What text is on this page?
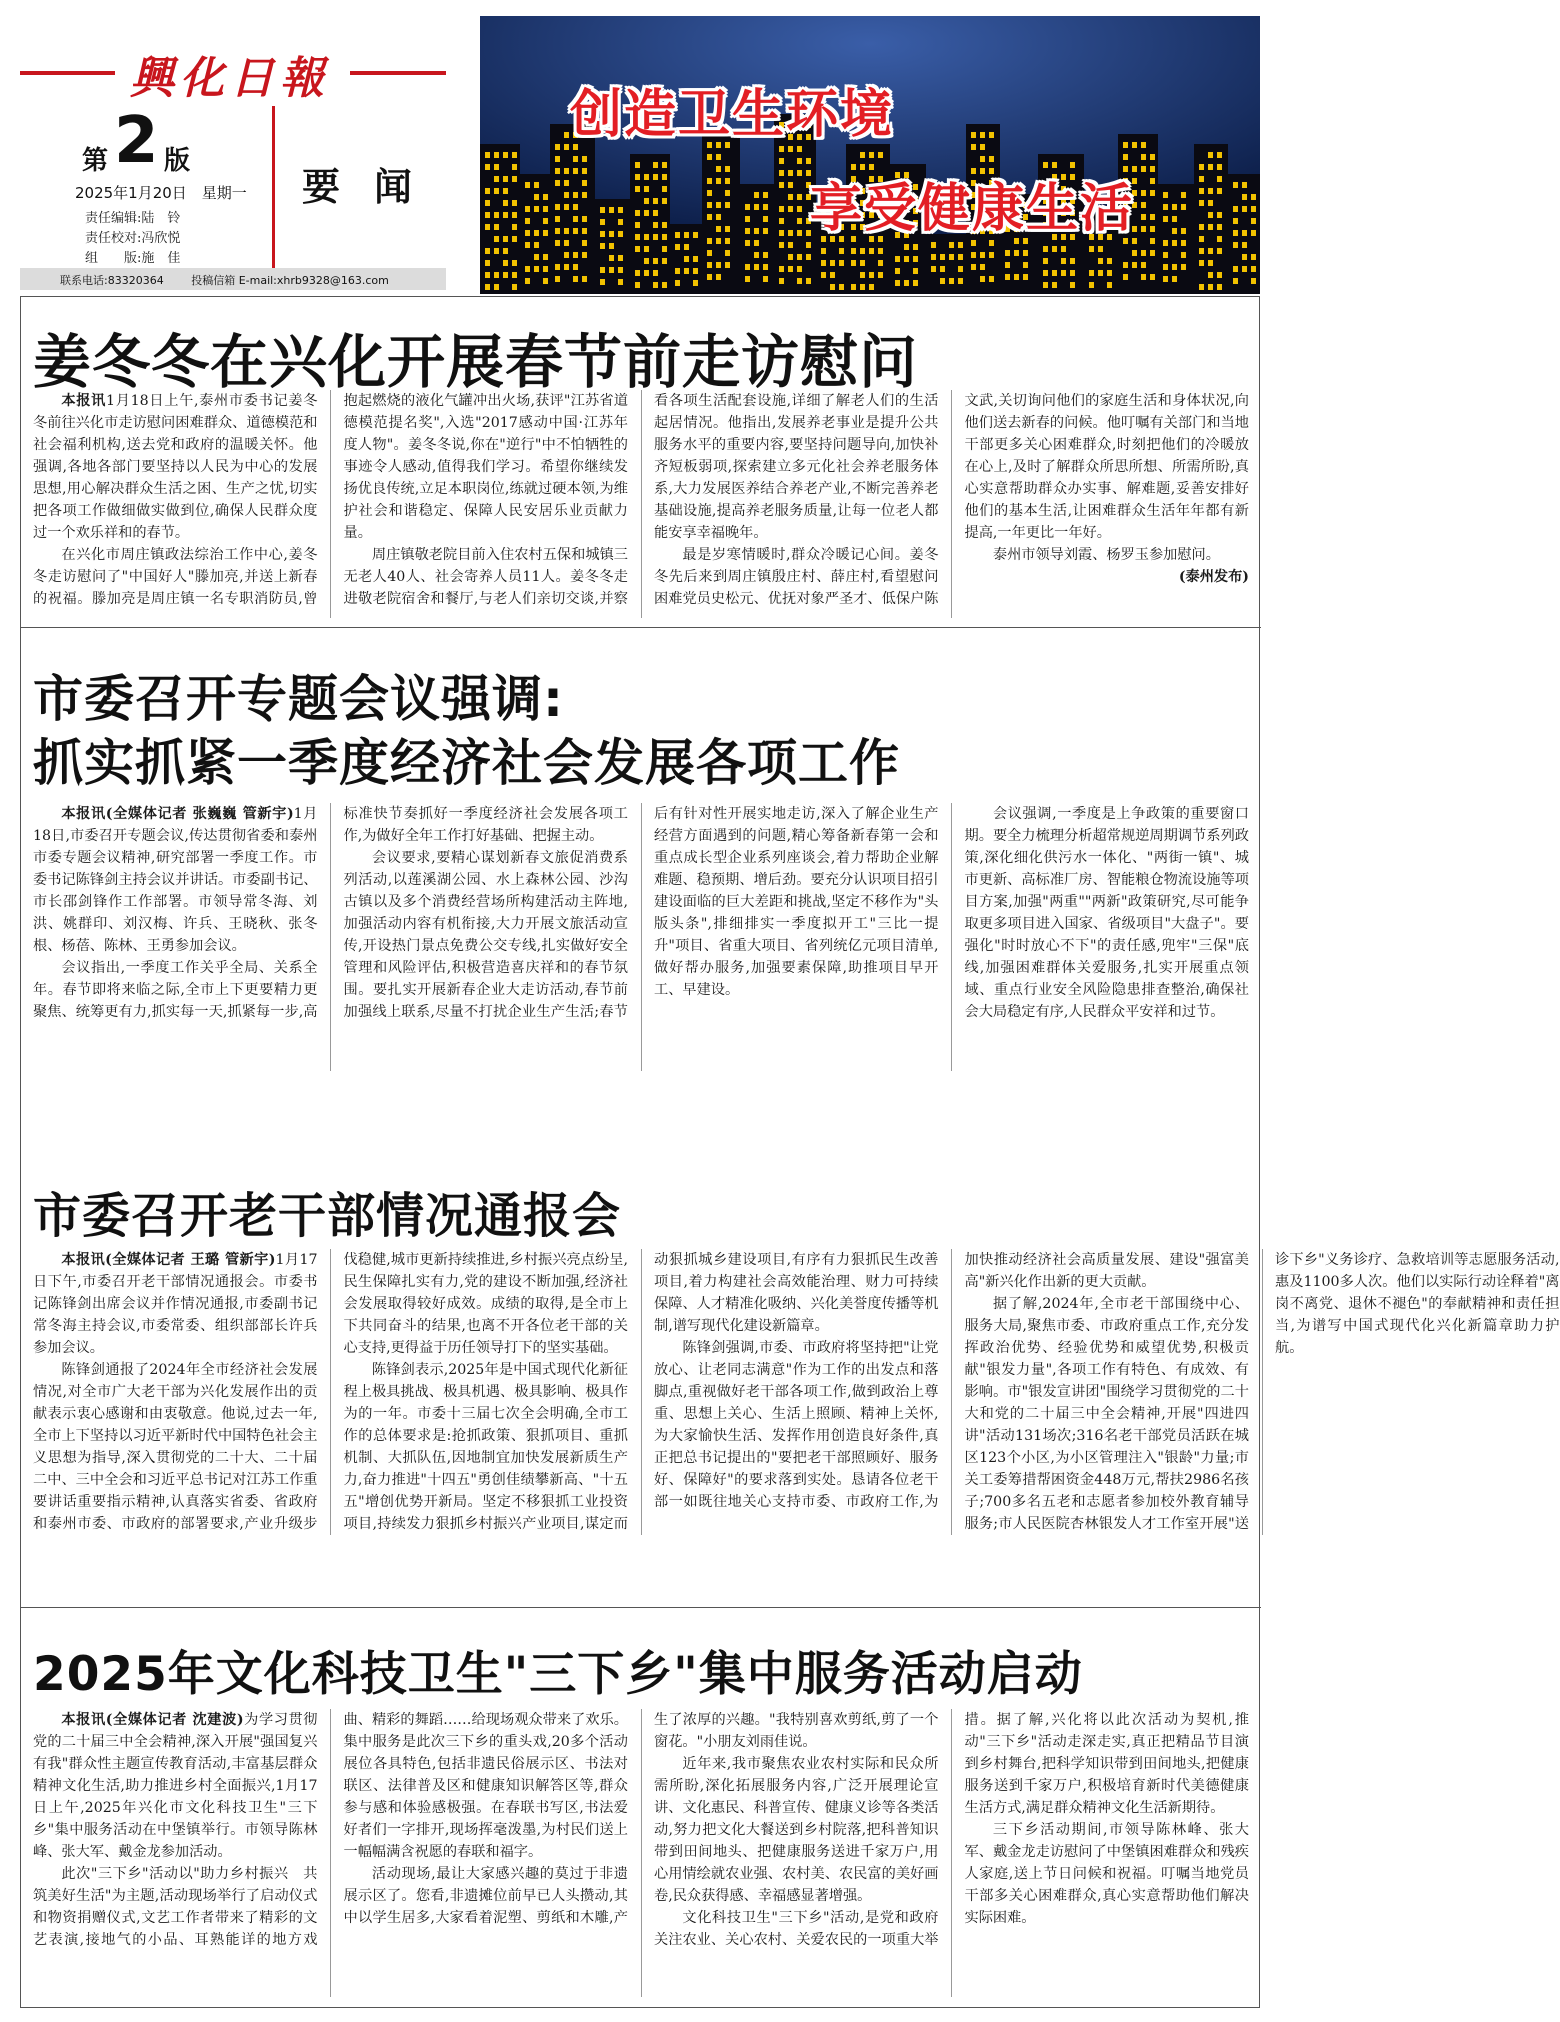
興化日報
第 2 版
2025年1月20日　星期一
责任编辑:陆　铃
责任校对:冯欣悦
组　　版:施　佳
要闻
联系电话:83320364	投稿信箱 E-mail:xhrb9328@163.com
创造卫生环境
享受健康生活
姜冬冬在兴化开展春节前走访慰问

本报讯1月18日上午,泰州市委书记姜冬冬前往兴化市走访慰问困难群众、道德模范和社会福利机构,送去党和政府的温暖关怀。他强调,各地各部门要坚持以人民为中心的发展思想,用心解决群众生活之困、生产之忧,切实把各项工作做细做实做到位,确保人民群众度过一个欢乐祥和的春节。

在兴化市周庄镇政法综治工作中心,姜冬冬走访慰问了"中国好人"滕加亮,并送上新春的祝福。滕加亮是周庄镇一名专职消防员,曾抱起燃烧的液化气罐冲出火场,获评"江苏省道德模范提名奖",入选"2017感动中国·江苏年度人物"。姜冬冬说,你在"逆行"中不怕牺牲的事迹令人感动,值得我们学习。希望你继续发扬优良传统,立足本职岗位,练就过硬本领,为维护社会和谐稳定、保障人民安居乐业贡献力量。

周庄镇敬老院目前入住农村五保和城镇三无老人40人、社会寄养人员11人。姜冬冬走进敬老院宿舍和餐厅,与老人们亲切交谈,并察看各项生活配套设施,详细了解老人们的生活起居情况。他指出,发展养老事业是提升公共服务水平的重要内容,要坚持问题导向,加快补齐短板弱项,探索建立多元化社会养老服务体系,大力发展医养结合养老产业,不断完善养老基础设施,提高养老服务质量,让每一位老人都能安享幸福晚年。

最是岁寒情暖时,群众冷暖记心间。姜冬冬先后来到周庄镇殷庄村、薛庄村,看望慰问困难党员史松元、优抚对象严圣才、低保户陈文武,关切询问他们的家庭生活和身体状况,向他们送去新春的问候。他叮嘱有关部门和当地干部更多关心困难群众,时刻把他们的冷暖放在心上,及时了解群众所思所想、所需所盼,真心实意帮助群众办实事、解难题,妥善安排好他们的基本生活,让困难群众生活年年都有新提高,一年更比一年好。

泰州市领导刘霞、杨罗玉参加慰问。

(泰州发布)
市委召开专题会议强调:
抓实抓紧一季度经济社会发展各项工作

本报讯(全媒体记者 张巍巍 管新宇)1月18日,市委召开专题会议,传达贯彻省委和泰州市委专题会议精神,研究部署一季度工作。市委书记陈锋剑主持会议并讲话。市委副书记、市长邵剑锋作工作部署。市领导常冬海、刘洪、姚群印、刘汉梅、许兵、王晓秋、张冬根、杨蓓、陈林、王勇参加会议。

会议指出,一季度工作关乎全局、关系全年。春节即将来临之际,全市上下更要精力更聚焦、统筹更有力,抓实每一天,抓紧每一步,高标准快节奏抓好一季度经济社会发展各项工作,为做好全年工作打好基础、把握主动。

会议要求,要精心谋划新春文旅促消费系列活动,以莲溪湖公园、水上森林公园、沙沟古镇以及多个消费经营场所构建活动主阵地,加强活动内容有机衔接,大力开展文旅活动宣传,开设热门景点免费公交专线,扎实做好安全管理和风险评估,积极营造喜庆祥和的春节氛围。要扎实开展新春企业大走访活动,春节前加强线上联系,尽量不打扰企业生产生活;春节后有针对性开展实地走访,深入了解企业生产经营方面遇到的问题,精心筹备新春第一会和重点成长型企业系列座谈会,着力帮助企业解难题、稳预期、增后劲。要充分认识项目招引建设面临的巨大差距和挑战,坚定不移作为"头版头条",排细排实一季度拟开工"三比一提升"项目、省重大项目、省列统亿元项目清单,做好帮办服务,加强要素保障,助推项目早开工、早建设。

会议强调,一季度是上争政策的重要窗口期。要全力梳理分析超常规逆周期调节系列政策,深化细化供污水一体化、"两街一镇"、城市更新、高标准厂房、智能粮仓物流设施等项目方案,加强"两重""两新"政策研究,尽可能争取更多项目进入国家、省级项目"大盘子"。要强化"时时放心不下"的责任感,兜牢"三保"底线,加强困难群体关爱服务,扎实开展重点领域、重点行业安全风险隐患排查整治,确保社会大局稳定有序,人民群众平安祥和过节。

市委召开老干部情况通报会

本报讯(全媒体记者 王璐 管新宇)1月17日下午,市委召开老干部情况通报会。市委书记陈锋剑出席会议并作情况通报,市委副书记常冬海主持会议,市委常委、组织部部长许兵参加会议。

陈锋剑通报了2024年全市经济社会发展情况,对全市广大老干部为兴化发展作出的贡献表示衷心感谢和由衷敬意。他说,过去一年,全市上下坚持以习近平新时代中国特色社会主义思想为指导,深入贯彻党的二十大、二十届二中、三中全会和习近平总书记对江苏工作重要讲话重要指示精神,认真落实省委、省政府和泰州市委、市政府的部署要求,产业升级步伐稳健,城市更新持续推进,乡村振兴亮点纷呈,民生保障扎实有力,党的建设不断加强,经济社会发展取得较好成效。成绩的取得,是全市上下共同奋斗的结果,也离不开各位老干部的关心支持,更得益于历任领导打下的坚实基础。

陈锋剑表示,2025年是中国式现代化新征程上极具挑战、极具机遇、极具影响、极具作为的一年。市委十三届七次全会明确,全市工作的总体要求是:抢抓政策、狠抓项目、重抓机制、大抓队伍,因地制宜加快发展新质生产力,奋力推进"十四五"勇创佳绩攀新高、"十五五"增创优势开新局。坚定不移狠抓工业投资项目,持续发力狠抓乡村振兴产业项目,谋定而动狠抓城乡建设项目,有序有力狠抓民生改善项目,着力构建社会高效能治理、财力可持续保障、人才精准化吸纳、兴化美誉度传播等机制,谱写现代化建设新篇章。

陈锋剑强调,市委、市政府将坚持把"让党放心、让老同志满意"作为工作的出发点和落脚点,重视做好老干部各项工作,做到政治上尊重、思想上关心、生活上照顾、精神上关怀,为大家愉快生活、发挥作用创造良好条件,真正把总书记提出的"要把老干部照顾好、服务好、保障好"的要求落到实处。恳请各位老干部一如既往地关心支持市委、市政府工作,为加快推动经济社会高质量发展、建设"强富美高"新兴化作出新的更大贡献。

据了解,2024年,全市老干部围绕中心、服务大局,聚焦市委、市政府重点工作,充分发挥政治优势、经验优势和威望优势,积极贡献"银发力量",各项工作有特色、有成效、有影响。市"银发宣讲团"围绕学习贯彻党的二十大和党的二十届三中全会精神,开展"四进四讲"活动131场次;316名老干部党员活跃在城区123个小区,为小区管理注入"银龄"力量;市关工委筹措帮困资金448万元,帮扶2986名孩子;700多名五老和志愿者参加校外教育辅导服务;市人民医院杏林银发人才工作室开展"送诊下乡"义务诊疗、急救培训等志愿服务活动,惠及1100多人次。他们以实际行动诠释着"离岗不离党、退休不褪色"的奉献精神和责任担当,为谱写中国式现代化兴化新篇章助力护航。

2025年文化科技卫生"三下乡"集中服务活动启动

本报讯(全媒体记者 沈建波)为学习贯彻党的二十届三中全会精神,深入开展"强国复兴有我"群众性主题宣传教育活动,丰富基层群众精神文化生活,助力推进乡村全面振兴,1月17日上午,2025年兴化市文化科技卫生"三下乡"集中服务活动在中堡镇举行。市领导陈林峰、张大军、戴金龙参加活动。

此次"三下乡"活动以"助力乡村振兴　共筑美好生活"为主题,活动现场举行了启动仪式和物资捐赠仪式,文艺工作者带来了精彩的文艺表演,接地气的小品、耳熟能详的地方戏曲、精彩的舞蹈……给现场观众带来了欢乐。集中服务是此次三下乡的重头戏,20多个活动展位各具特色,包括非遗民俗展示区、书法对联区、法律普及区和健康知识解答区等,群众参与感和体验感极强。在春联书写区,书法爱好者们一字排开,现场挥毫泼墨,为村民们送上一幅幅满含祝愿的春联和福字。

活动现场,最让大家感兴趣的莫过于非遗展示区了。您看,非遗摊位前早已人头攒动,其中以学生居多,大家看着泥塑、剪纸和木雕,产生了浓厚的兴趣。"我特别喜欢剪纸,剪了一个窗花。"小朋友刘雨佳说。

近年来,我市聚焦农业农村实际和民众所需所盼,深化拓展服务内容,广泛开展理论宣讲、文化惠民、科普宣传、健康义诊等各类活动,努力把文化大餐送到乡村院落,把科普知识带到田间地头、把健康服务送进千家万户,用心用情绘就农业强、农村美、农民富的美好画卷,民众获得感、幸福感显著增强。

文化科技卫生"三下乡"活动,是党和政府关注农业、关心农村、关爱农民的一项重大举措。据了解,兴化将以此次活动为契机,推动"三下乡"活动走深走实,真正把精品节目演到乡村舞台,把科学知识带到田间地头,把健康服务送到千家万户,积极培育新时代美德健康生活方式,满足群众精神文化生活新期待。

三下乡活动期间,市领导陈林峰、张大军、戴金龙走访慰问了中堡镇困难群众和残疾人家庭,送上节日问候和祝福。叮嘱当地党员干部多关心困难群众,真心实意帮助他们解决实际困难。
